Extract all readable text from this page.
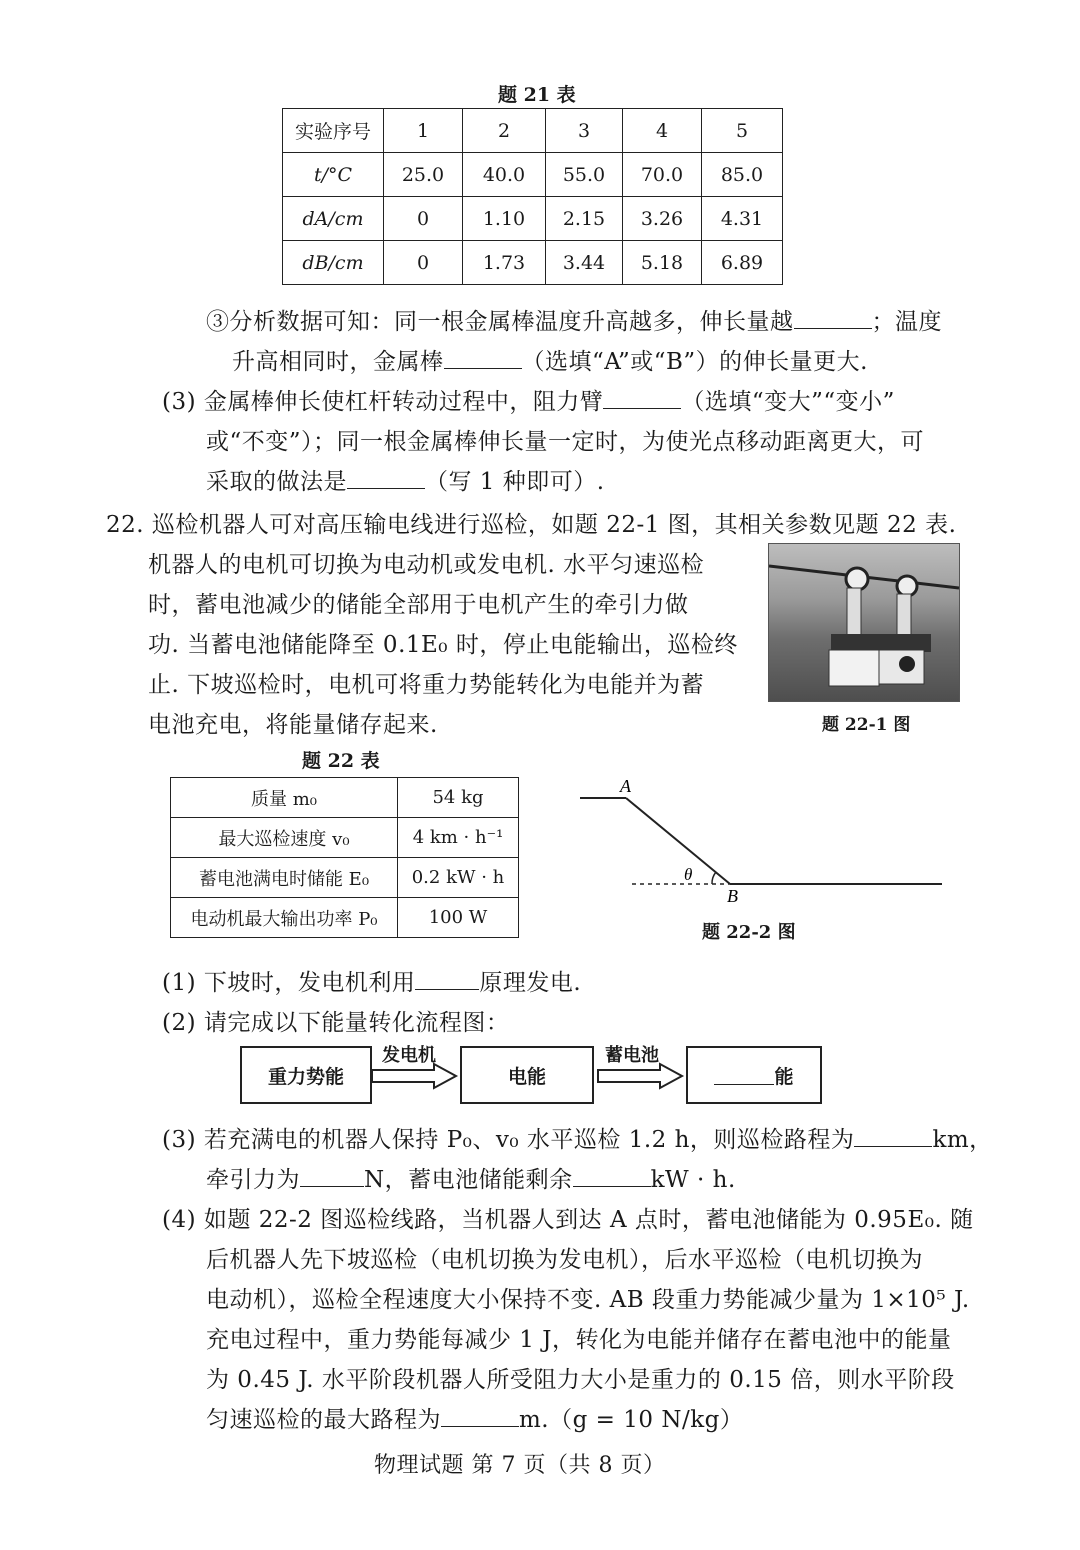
题 21 表
实验序号	1	2	3	4	5
t/°C	25.0	40.0	55.0	70.0	85.0
dA/cm	0	1.10	2.15	3.26	4.31
dB/cm	0	1.73	3.44	5.18	6.89
③分析数据可知：同一根金属棒温度升高越多，伸长量越	；温度
升高相同时，金属棒	（选填“A”或“B”）的伸长量更大.
(3) 金属棒伸长使杠杆转动过程中，阻力臂	（选填“变大”“变小”
或“不变”）；同一根金属棒伸长量一定时，为使光点移动距离更大，可
采取的做法是	（写 1 种即可）.
22. 巡检机器人可对高压输电线进行巡检，如题 22-1 图，其相关参数见题 22 表.
机器人的电机可切换为电动机或发电机. 水平匀速巡检
时，蓄电池减少的储能全部用于电机产生的牵引力做
功. 当蓄电池储能降至 0.1E₀ 时，停止电能输出，巡检终
止. 下坡巡检时，电机可将重力势能转化为电能并为蓄
电池充电，将能量储存起来.	题 22-1 图
题 22 表
质量 m₀	54 kg
最大巡检速度 v₀	4 km · h⁻¹
蓄电池满电时储能 E₀	0.2 kW · h
电动机最大输出功率 P₀	100 W
A
B
θ
题 22-2 图
(1) 下坡时，发电机利用	原理发电.
(2) 请完成以下能量转化流程图：
重力势能
发电机
电能
蓄电池
能
(3) 若充满电的机器人保持 P₀、v₀ 水平巡检 1.2 h，则巡检路程为	km，
牵引力为	N，蓄电池储能剩余	kW · h.
(4) 如题 22-2 图巡检线路，当机器人到达 A 点时，蓄电池储能为 0.95E₀. 随
后机器人先下坡巡检（电机切换为发电机），后水平巡检（电机切换为
电动机），巡检全程速度大小保持不变. AB 段重力势能减少量为 1×10⁵ J.
充电过程中，重力势能每减少 1 J，转化为电能并储存在蓄电池中的能量
为 0.45 J. 水平阶段机器人所受阻力大小是重力的 0.15 倍，则水平阶段
匀速巡检的最大路程为	m.（g = 10 N/kg）
物理试题 第 7 页（共 8 页）
